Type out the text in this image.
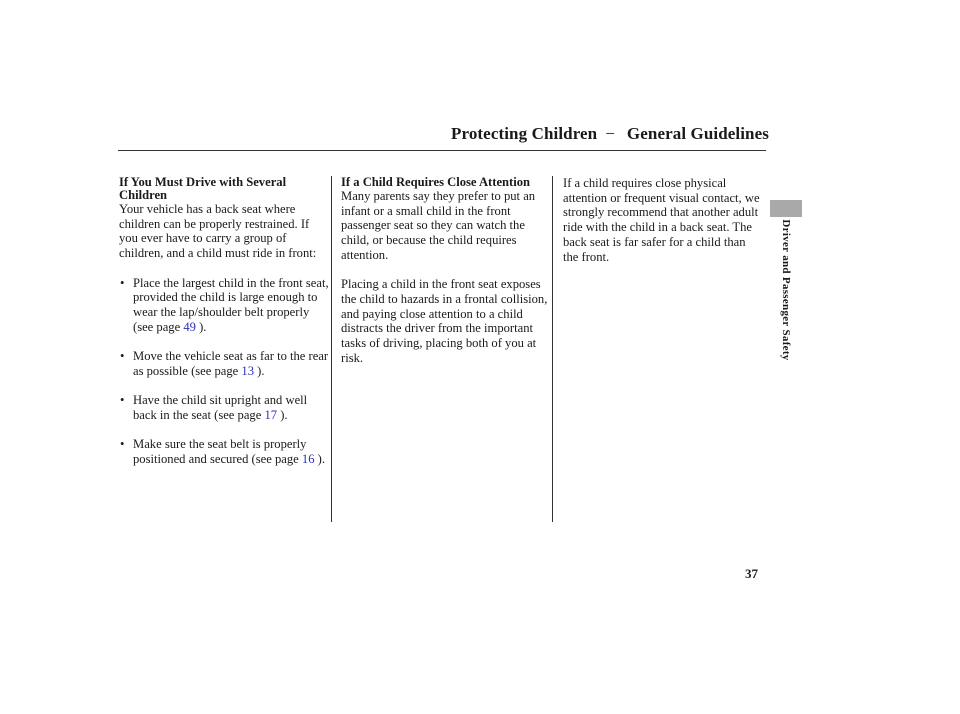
Protecting Children − General Guidelines
Driver and Passenger Safety
If You Must Drive with Several Children

Your vehicle has a back seat where children can be properly restrained. If you ever have to carry a group of children, and a child must ride in front:

• Place the largest child in the front seat, provided the child is large enough to wear the lap/shoulder belt properly (see page 49 ).
• Move the vehicle seat as far to the rear as possible (see page 13 ).
• Have the child sit upright and well back in the seat (see page 17 ).
• Make sure the seat belt is properly positioned and secured (see page 16 ).
If a Child Requires Close Attention

Many parents say they prefer to put an infant or a small child in the front passenger seat so they can watch the child, or because the child requires attention.

Placing a child in the front seat exposes the child to hazards in a frontal collision, and paying close attention to a child distracts the driver from the important tasks of driving, placing both of you at risk.

If a child requires close physical attention or frequent visual contact, we strongly recommend that another adult ride with the child in a back seat. The back seat is far safer for a child than the front.

37
